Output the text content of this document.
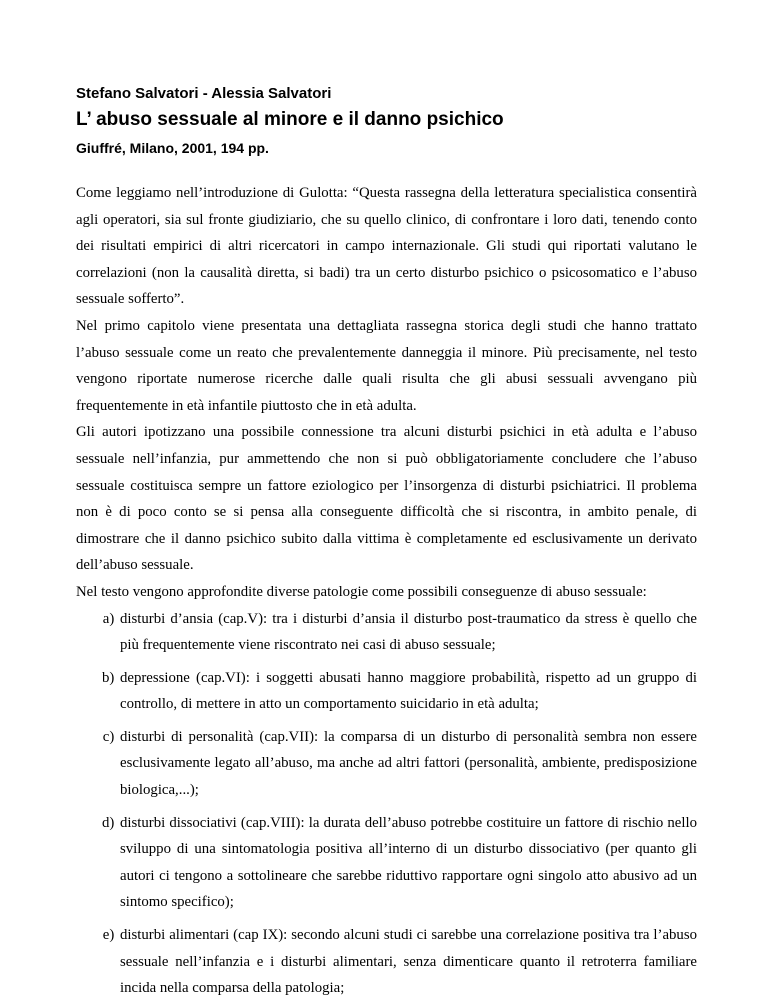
Stefano Salvatori - Alessia Salvatori
L’ abuso sessuale al minore e il danno psichico
Giuffré, Milano, 2001, 194 pp.

Come leggiamo nell’introduzione di Gulotta: “Questa rassegna della letteratura specialistica consentirà agli operatori, sia sul fronte giudiziario, che su quello clinico, di confrontare i loro dati, tenendo conto dei risultati empirici di altri ricercatori in campo internazionale. Gli studi qui riportati valutano le correlazioni (non la causalità diretta, si badi) tra un certo disturbo psichico o psicosomatico e l’abuso sessuale sofferto”.

Nel primo capitolo viene presentata una dettagliata rassegna storica degli studi che hanno trattato l’abuso sessuale come un reato che prevalentemente danneggia il minore. Più precisamente, nel testo vengono riportate numerose ricerche dalle quali risulta che gli abusi sessuali avvengano più frequentemente in età infantile piuttosto che in età adulta.

Gli autori ipotizzano una possibile connessione tra alcuni disturbi psichici in età adulta e l’abuso sessuale nell’infanzia, pur ammettendo che non si può obbligatoriamente concludere che l’abuso sessuale costituisca sempre un fattore eziologico per l’insorgenza di disturbi psichiatrici. Il problema non è di poco conto se si pensa alla conseguente difficoltà che si riscontra, in ambito penale, di dimostrare che il danno psichico subito dalla vittima è completamente ed esclusivamente un derivato dell’abuso sessuale.

Nel testo vengono approfondite diverse patologie come possibili conseguenze di abuso sessuale:

a. disturbi d’ansia (cap.V): tra i disturbi d’ansia il disturbo post-traumatico da stress è quello che più frequentemente viene riscontrato nei casi di abuso sessuale;
b. depressione (cap.VI): i soggetti abusati hanno maggiore probabilità, rispetto ad un gruppo di controllo, di mettere in atto un comportamento suicidario in età adulta;
c. disturbi di personalità (cap.VII): la comparsa di un disturbo di personalità sembra non essere esclusivamente legato all’abuso, ma anche ad altri fattori (personalità, ambiente, predisposizione biologica,...);
d. disturbi dissociativi (cap.VIII): la durata dell’abuso potrebbe costituire un fattore di rischio nello sviluppo di una sintomatologia positiva all’interno di un disturbo dissociativo (per quanto gli autori ci tengono a sottolineare che sarebbe riduttivo rapportare ogni singolo atto abusivo ad un sintomo specifico);
e. disturbi alimentari (cap IX): secondo alcuni studi ci sarebbe una correlazione positiva tra l’abuso sessuale nell’infanzia e i disturbi alimentari, senza dimenticare quanto il retroterra familiare incida nella comparsa della patologia;
